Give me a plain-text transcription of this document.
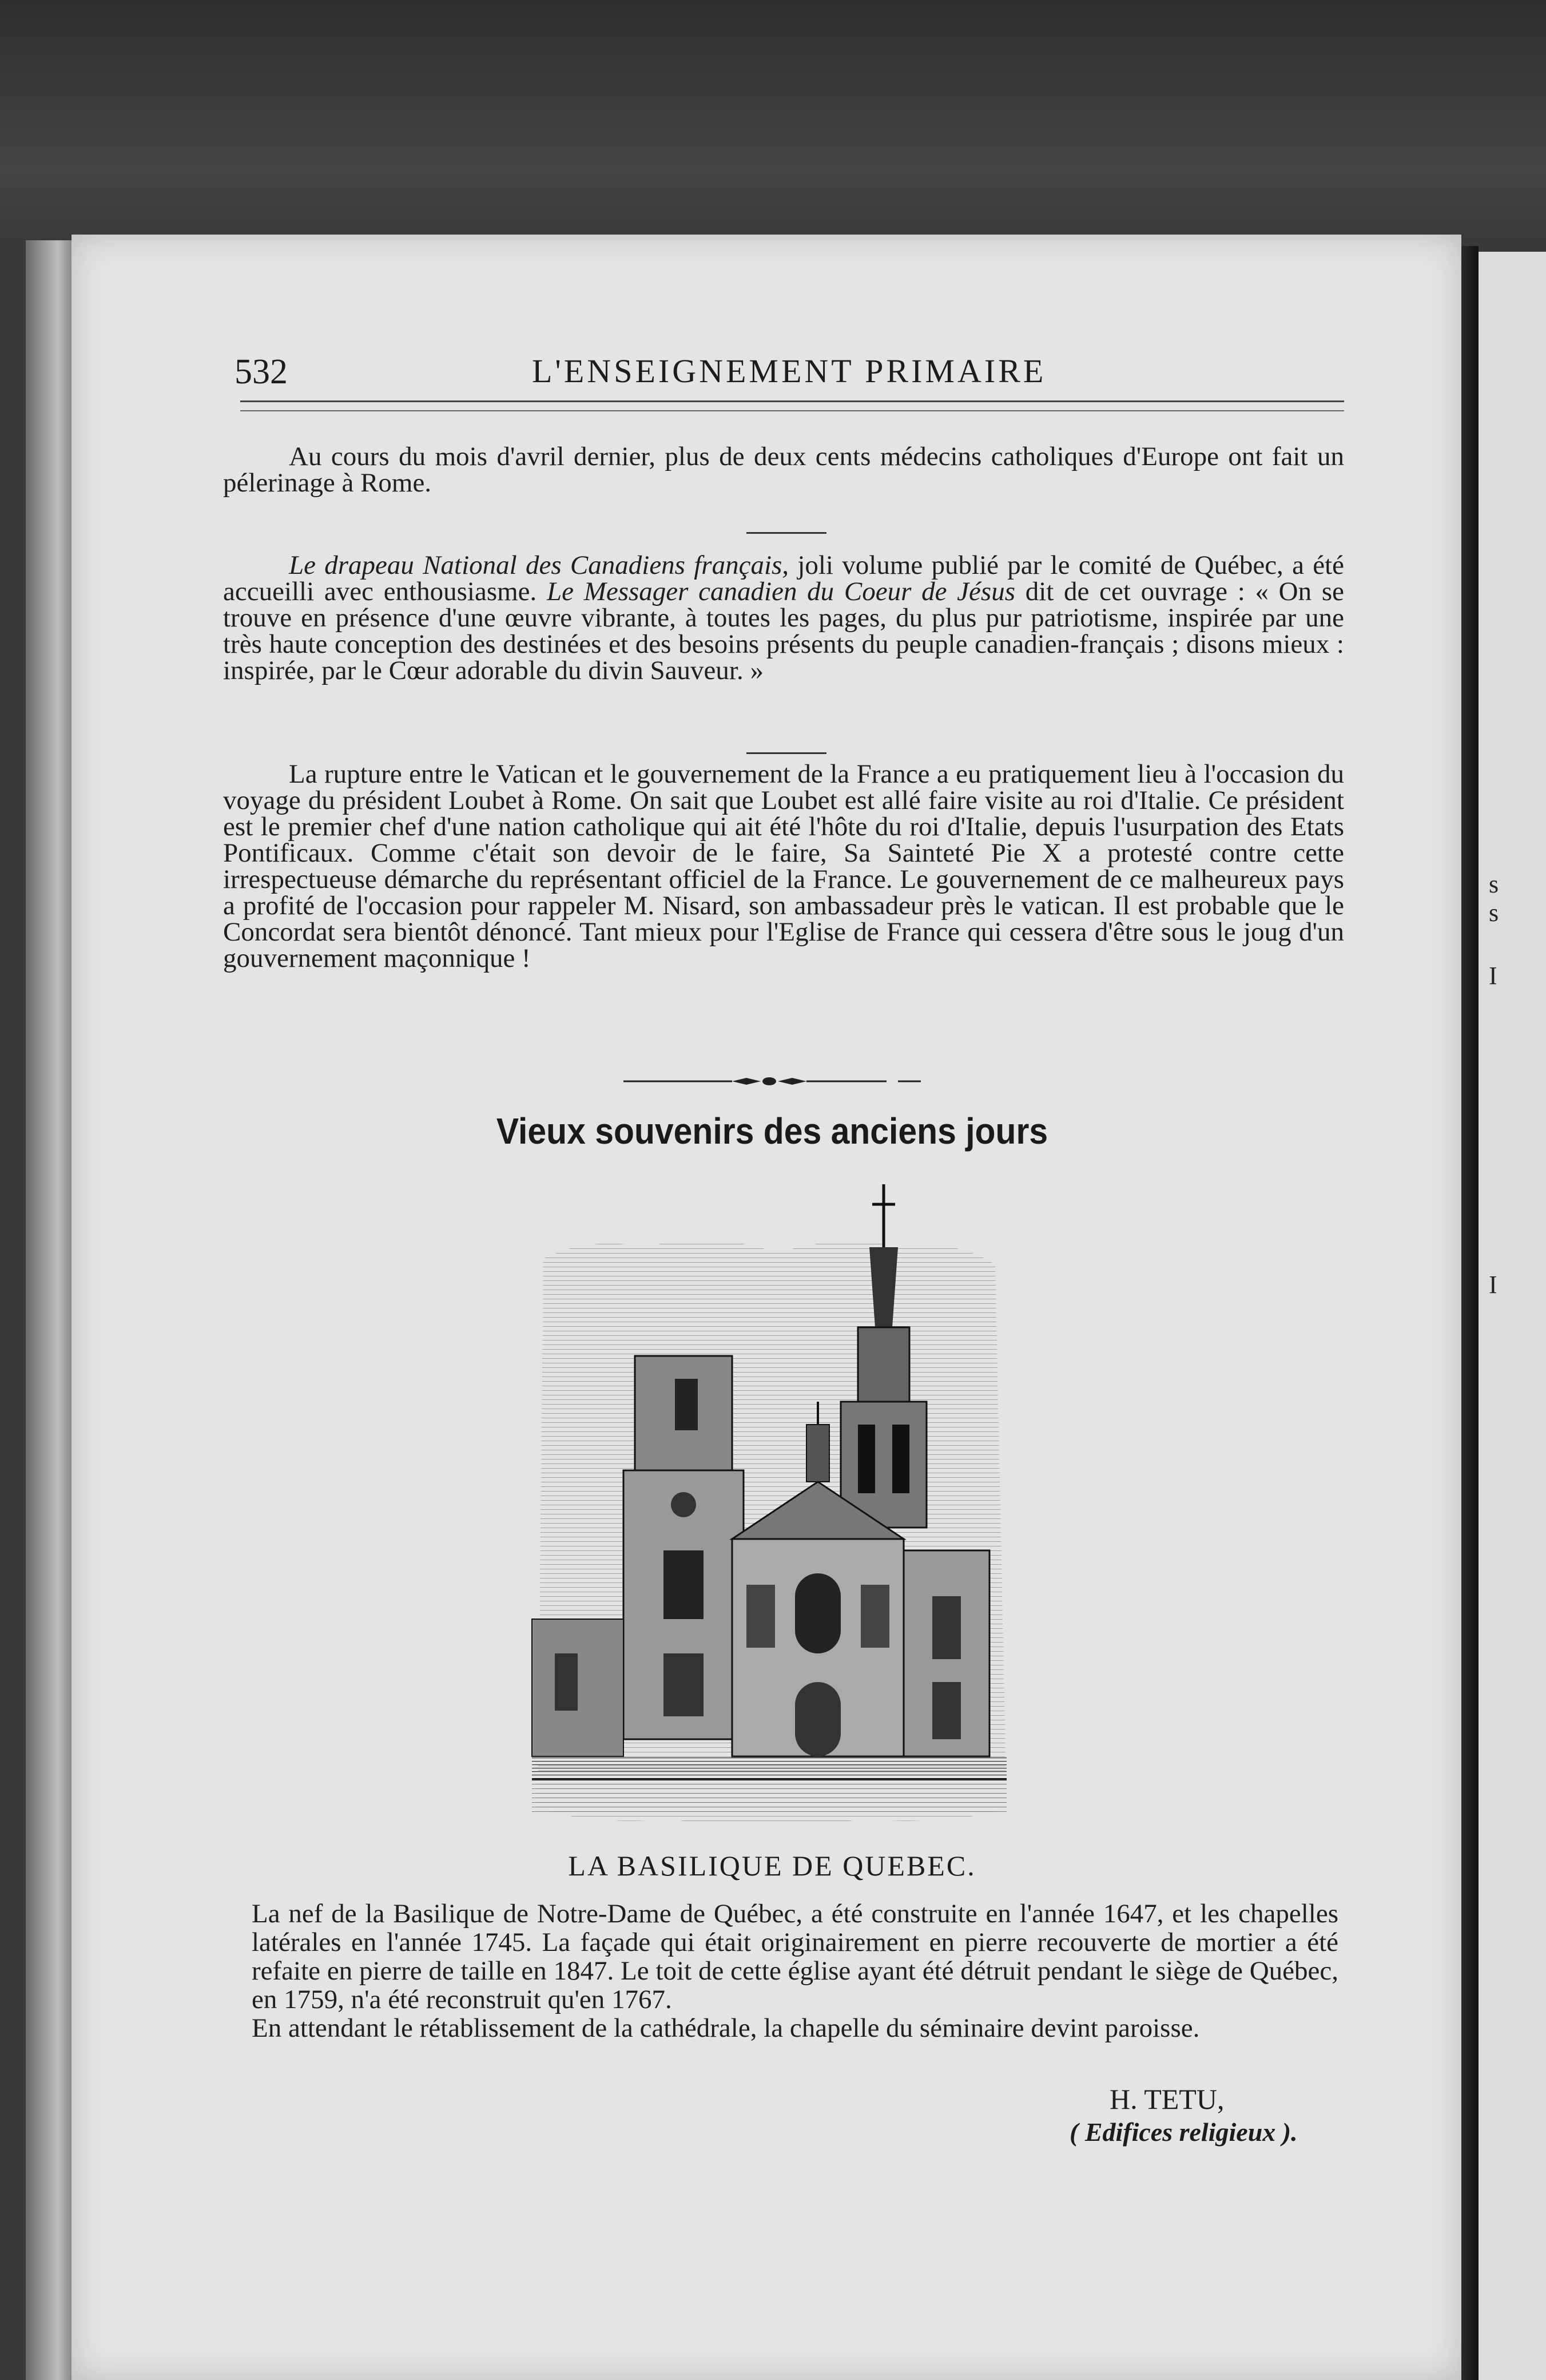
s
s
I
I
532	L'ENSEIGNEMENT PRIMAIRE

Au cours du mois d'avril dernier, plus de deux cents médecins catholiques d'Europe ont fait un pélerinage à Rome.

Le drapeau National des Canadiens français, joli volume publié par le comité de Québec, a été accueilli avec enthousiasme. Le Messager canadien du Coeur de Jésus dit de cet ouvrage : « On se trouve en présence d'une œuvre vibrante, à toutes les pages, du plus pur patriotisme, inspirée par une très haute conception des destinées et des besoins présents du peuple canadien-français ; disons mieux : inspirée, par le Cœur adorable du divin Sauveur. »

La rupture entre le Vatican et le gouvernement de la France a eu pratiquement lieu à l'occasion du voyage du président Loubet à Rome. On sait que Loubet est allé faire visite au roi d'Italie. Ce président est le premier chef d'une nation catholique qui ait été l'hôte du roi d'Italie, depuis l'usurpation des Etats Pontificaux. Comme c'était son devoir de le faire, Sa Sainteté Pie X a protesté contre cette irrespectueuse démarche du représentant officiel de la France. Le gouvernement de ce malheureux pays a profité de l'occasion pour rappeler M. Nisard, son ambassadeur près le vatican. Il est probable que le Concordat sera bientôt dénoncé. Tant mieux pour l'Eglise de France qui cessera d'être sous le joug d'un gouvernement maçonnique !

Vieux souvenirs des anciens jours
LA BASILIQUE DE QUEBEC.

La nef de la Basilique de Notre-Dame de Québec, a été construite en l'année 1647, et les chapelles latérales en l'année 1745. La façade qui était originairement en pierre recouverte de mortier a été refaite en pierre de taille en 1847. Le toit de cette église ayant été détruit pendant le siège de Québec, en 1759, n'a été reconstruit qu'en 1767.

En attendant le rétablissement de la cathédrale, la chapelle du séminaire devint paroisse.

H. TETU,
( Edifices religieux ).
